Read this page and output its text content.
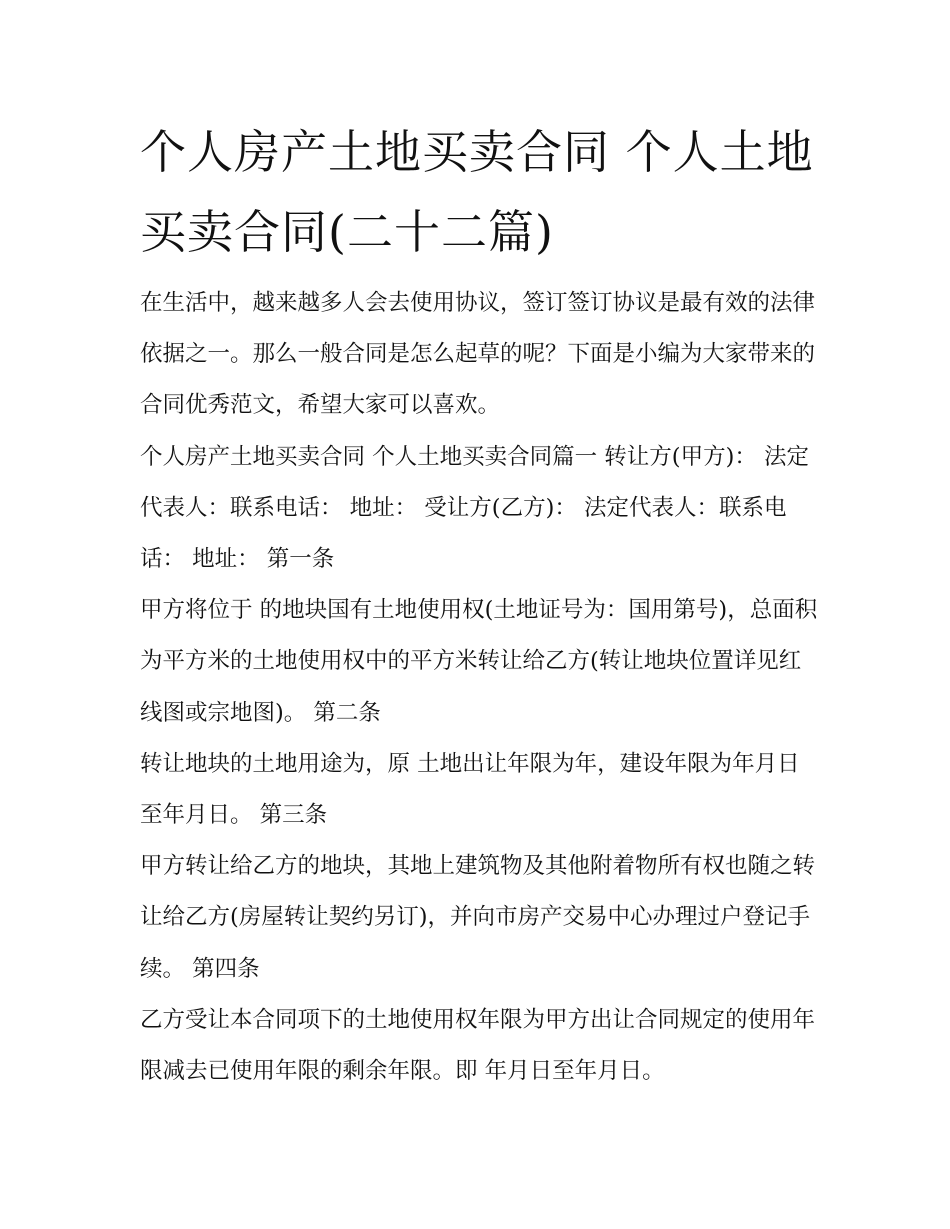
个人房产土地买卖合同 个人土地买卖合同(二十二篇)

在生活中，越来越多人会去使用协议，签订签订协议是最有效的法律依据之一。那么一般合同是怎么起草的呢？下面是小编为大家带来的合同优秀范文，希望大家可以喜欢。

个人房产土地买卖合同 个人土地买卖合同篇一 转让方(甲方)： 法定代表人：联系电话： 地址： 受让方(乙方)： 法定代表人：联系电话： 地址： 第一条

甲方将位于 的地块国有土地使用权(土地证号为：国用第号)，总面积为平方米的土地使用权中的平方米转让给乙方(转让地块位置详见红线图或宗地图)。 第二条

转让地块的土地用途为，原 土地出让年限为年，建设年限为年月日至年月日。 第三条

甲方转让给乙方的地块，其地上建筑物及其他附着物所有权也随之转让给乙方(房屋转让契约另订)，并向市房产交易中心办理过户登记手续。 第四条

乙方受让本合同项下的土地使用权年限为甲方出让合同规定的使用年限减去已使用年限的剩余年限。即 年月日至年月日。
